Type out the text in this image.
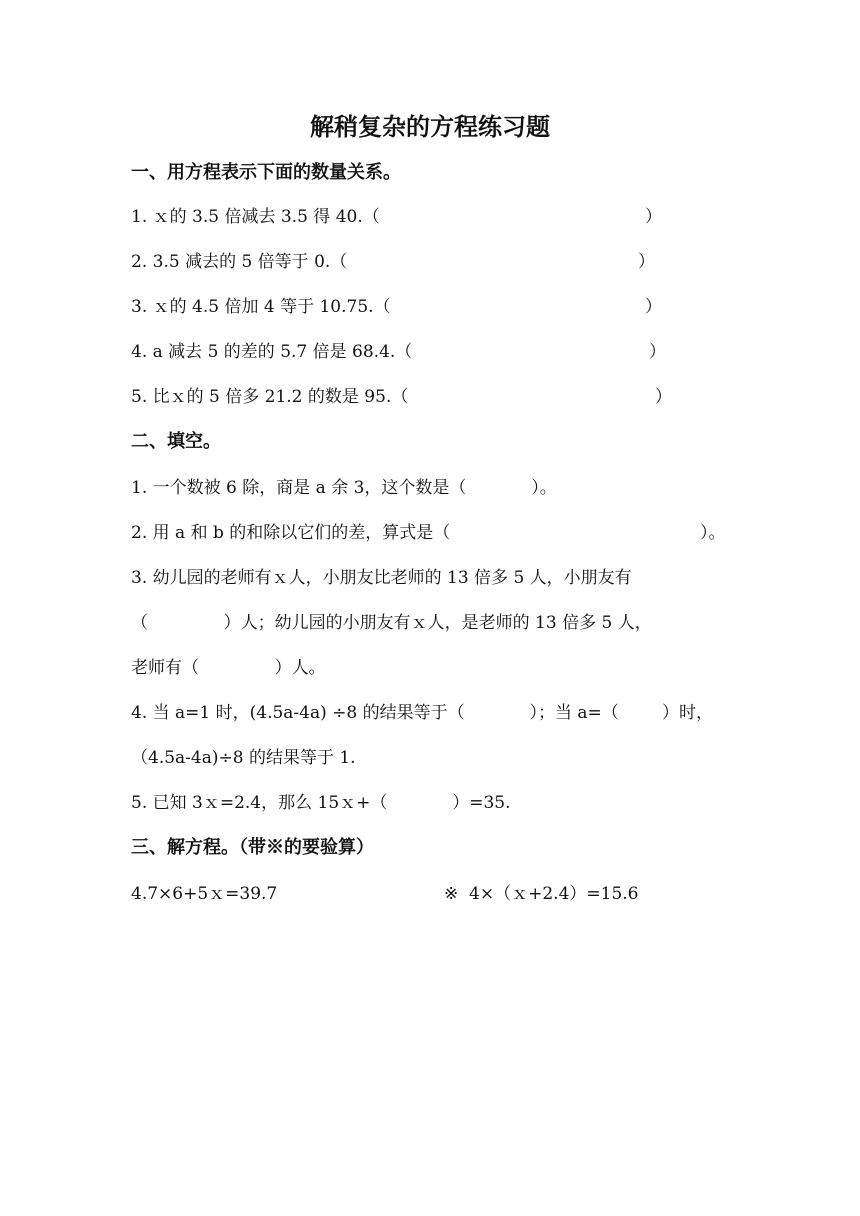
解稍复杂的方程练习题
一、用方程表示下面的数量关系。
1. ｘ的 3.5 倍减去 3.5 得 40.（	）
2. 3.5 减去的 5 倍等于 0.（	）
3. ｘ的 4.5 倍加 4 等于 10.75.（	）
4. a 减去 5 的差的 5.7 倍是 68.4.（	）
5. 比ｘ的 5 倍多 21.2 的数是 95.（	）
二、填空。
1. 一个数被 6 除，商是 a 余 3，这个数是（            ）。
2. 用 a 和 b 的和除以它们的差，算式是（	）。
3. 幼儿园的老师有ｘ人，小朋友比老师的 13 倍多 5 人，小朋友有
（              ）人；幼儿园的小朋友有ｘ人，是老师的 13 倍多 5 人，
老师有（              ）人。
4. 当 a=1 时，(4.5a-4a) ÷8 的结果等于（            ）；当 a=（        ）时，
（4.5a-4a)÷8 的结果等于 1.
5. 已知 3ｘ=2.4，那么 15ｘ+（            ）=35.
三、解方程。（带※的要验算）
4.7×6+5ｘ=39.7	※  4×（ｘ+2.4）=15.6
